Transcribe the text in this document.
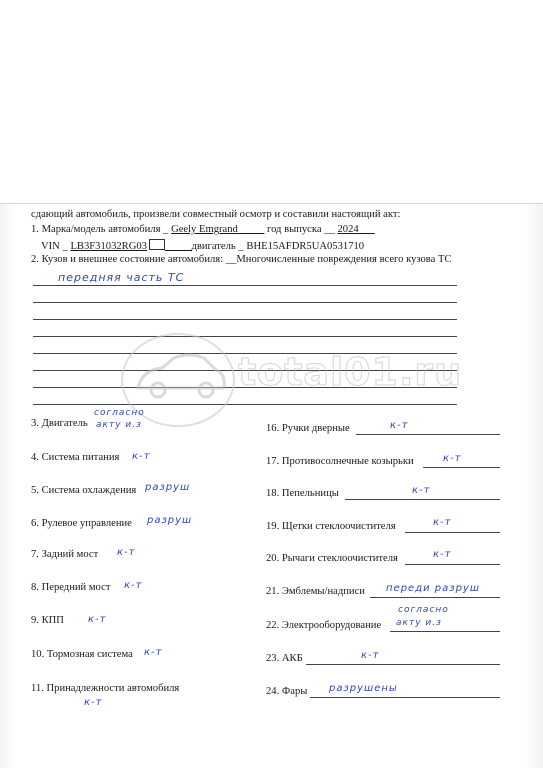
сдающий автомобиль, произвели совместный осмотр и составили настоящий акт:
1. Марка/модель автомобиля _ Geely Emgrand_____ год выпуска __ 2024___
VIN _ LB3F31032RG03 _____двигатель _ BHE15AFDR5UA0531710
2. Кузов и внешнее состояние автомобиля: __Многочисленные повреждения всего кузова ТС
передняя часть ТС
3. Двигатель
согласно
акту и.з
4. Система питания к-т
5. Система охлаждения разруш
6. Рулевое управление разруш
7. Задний мост к-т
8. Передний мост к-т
9. КПП к-т
10. Тормозная система к-т
11. Принадлежности автомобиля
к-т
16. Ручки дверные	к-т
17. Противосолнечные козырьки	к-т
18. Пепельницы	к-т
19. Щетки стеклоочистителя	к-т
20. Рычаги стеклоочистителя	к-т
21. Эмблемы/надписи переди разруш
22. Электрооборудование
согласно
акту и.з
23. АКБ	к-т
24. Фары разрушены
